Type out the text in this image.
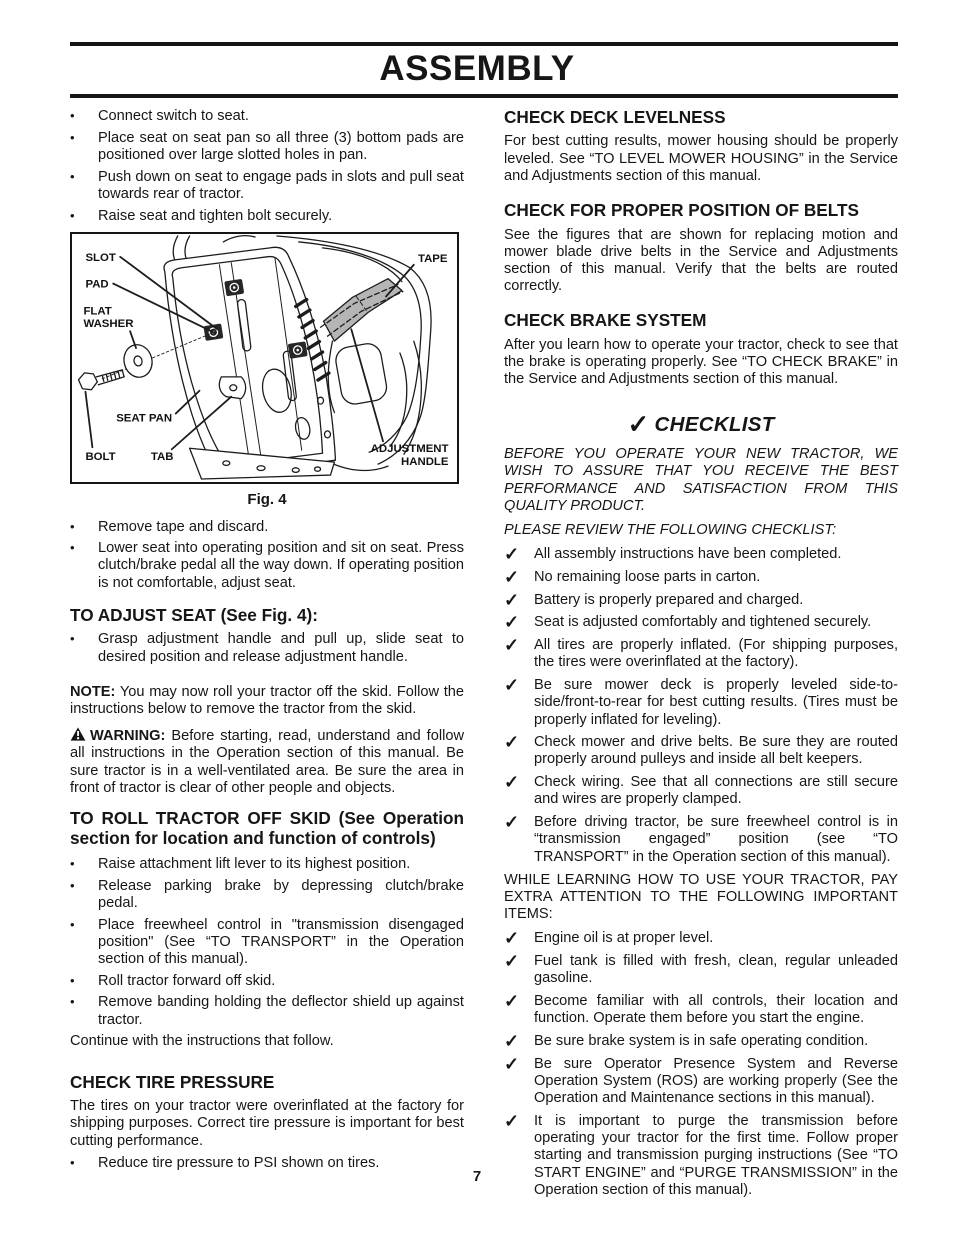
ASSEMBLY
•	Connect switch to seat.
•	Place seat on seat pan so all three (3) bottom pads are positioned over large slotted holes in pan.
•	Push down on seat to engage pads in slots and pull seat towards rear of tractor.
•	Raise seat and tighten bolt securely.
SLOT
PAD
FLAT
WASHER
SEAT PAN
BOLT	TAB
TAPE
ADJUSTMENT
HANDLE
Fig. 4
•	Remove tape and discard.
•	Lower seat into operating position and sit on seat. Press clutch/brake pedal all the way down. If operating position is not comfortable, adjust seat.
TO ADJUST SEAT (See Fig. 4):
•	Grasp adjustment handle and pull up, slide seat to desired position and release adjustment handle.

NOTE: You may now roll your tractor off the skid. Follow the instructions below to remove the tractor from the skid.

WARNING: Before starting, read, understand and follow all instructions in the Operation section of this manual. Be sure tractor is in a well-ventilated area. Be sure the area in front of tractor is clear of other people and objects.

TO ROLL TRACTOR OFF SKID (See Operation section for location and function of controls)
•	Raise attachment lift lever to its highest position.
•	Release parking brake by depressing clutch/brake pedal.
•	Place freewheel control in "transmission disengaged position" (See “TO TRANSPORT” in the Operation section of this manual).
•	Roll tractor forward off skid.
•	Remove banding holding the deflector shield up against tractor.

Continue with the instructions that follow.

CHECK TIRE PRESSURE

The tires on your tractor were overinflated at the factory for shipping purposes. Correct tire pressure is important for best cutting performance.

•	Reduce tire pressure to PSI shown on tires.
CHECK DECK LEVELNESS

For best cutting results, mower housing should be properly leveled. See “TO LEVEL MOWER HOUSING” in the Service and Adjustments section of this manual.

CHECK FOR PROPER POSITION OF BELTS

See the figures that are shown for replacing motion and mower blade drive belts in the Service and Adjustments section of this manual. Verify that the belts are routed correctly.

CHECK BRAKE SYSTEM

After you learn how to operate your tractor, check to see that the brake is operating properly. See “TO CHECK BRAKE” in the Service and Adjustments section of this manual.

✓ CHECKLIST

BEFORE YOU OPERATE YOUR NEW TRACTOR, WE WISH TO ASSURE THAT YOU RECEIVE THE BEST PERFORMANCE AND SATISFACTION FROM THIS QUALITY PRODUCT.

PLEASE REVIEW THE FOLLOWING CHECKLIST:

✓	All assembly instructions have been completed.
✓	No remaining loose parts in carton.
✓	Battery is properly prepared and charged.
✓	Seat is adjusted comfortably and tightened securely.
✓	All tires are properly inflated. (For shipping purposes, the tires were overinflated at the factory).
✓	Be sure mower deck is properly leveled side-to-side/front-to-rear for best cutting results. (Tires must be properly inflated for leveling).
✓	Check mower and drive belts. Be sure they are routed properly around pulleys and inside all belt keepers.
✓	Check wiring. See that all connections are still secure and wires are properly clamped.
✓	Before driving tractor, be sure freewheel control is in “transmission engaged” position (see “TO TRANSPORT” in the Operation section of this manual).

WHILE LEARNING HOW TO USE YOUR TRACTOR, PAY EXTRA ATTENTION TO THE FOLLOWING IMPORTANT ITEMS:

✓	Engine oil is at proper level.
✓	Fuel tank is filled with fresh, clean, regular unleaded gasoline.
✓	Become familiar with all controls, their location and function. Operate them before you start the engine.
✓	Be sure brake system is in safe operating condition.
✓	Be sure Operator Presence System and Reverse Operation System (ROS) are working properly (See the Operation and Maintenance sections in this manual).
✓	It is important to purge the transmission before operating your tractor for the first time. Follow proper starting and transmission purging instructions (See “TO START ENGINE” and “PURGE TRANSMISSION” in the Operation section of this manual).
7
